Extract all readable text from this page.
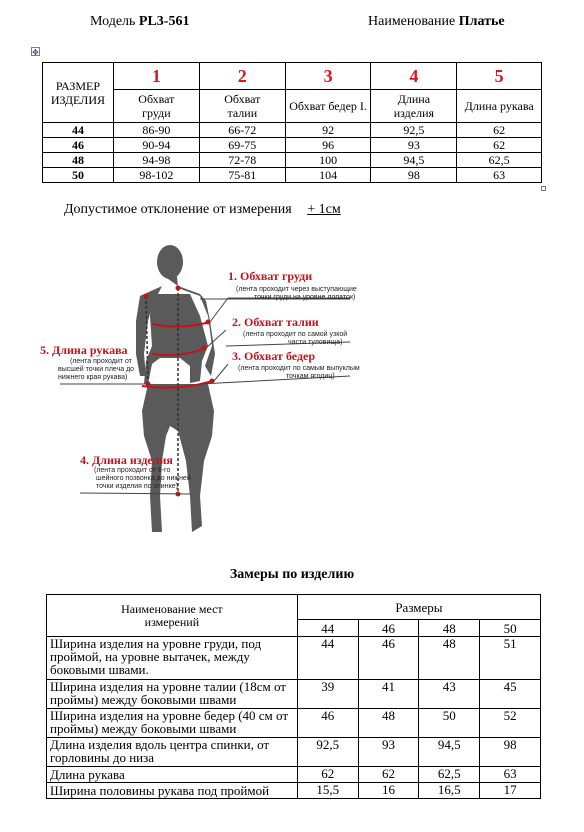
Модель PL3-561	Наименование Платье
✥
РАЗМЕР ИЗДЕЛИЯ	1	2	3	4	5
	Обхват груди	Обхват талии	Обхват бедер I.	Длина изделия	Длина рукава
44	86-90	66-72	92	92,5	62
46	90-94	69-75	96	93	62
48	94-98	72-78	100	94,5	62,5
50	98-102	75-81	104	98	63
Допустимое отклонение от измерения + 1см
1. Обхват груди
(лента проходит через выступающие
точки груди на уровне лопаток)
2. Обхват талии
(лента проходит по самой узкой
части туловища)
3. Обхват бедер
(лента проходит по самым выпуклым
точкам ягодиц)
4. Длина изделия
(лента проходит от 6-го
шейного позвонка до нижней
точки изделия по спинке)
5. Длина рукава
(лента проходит от
высшей точки плеча до
нижнего края рукава)
Замеры по изделию
Наименование мест измерений	Размеры			
	44	46	48	50
Ширина изделия на уровне груди, под проймой, на уровне вытачек, между боковыми швами.	44	46	48	51
Ширина изделия на уровне талии (18см от проймы) между боковыми швами	39	41	43	45
Ширина изделия на уровне бедер (40 см от проймы) между боковыми швами	46	48	50	52
Длина изделия вдоль центра спинки, от горловины до низа	92,5	93	94,5	98
Длина рукава	62	62	62,5	63
Ширина половины рукава под проймой	15,5	16	16,5	17
